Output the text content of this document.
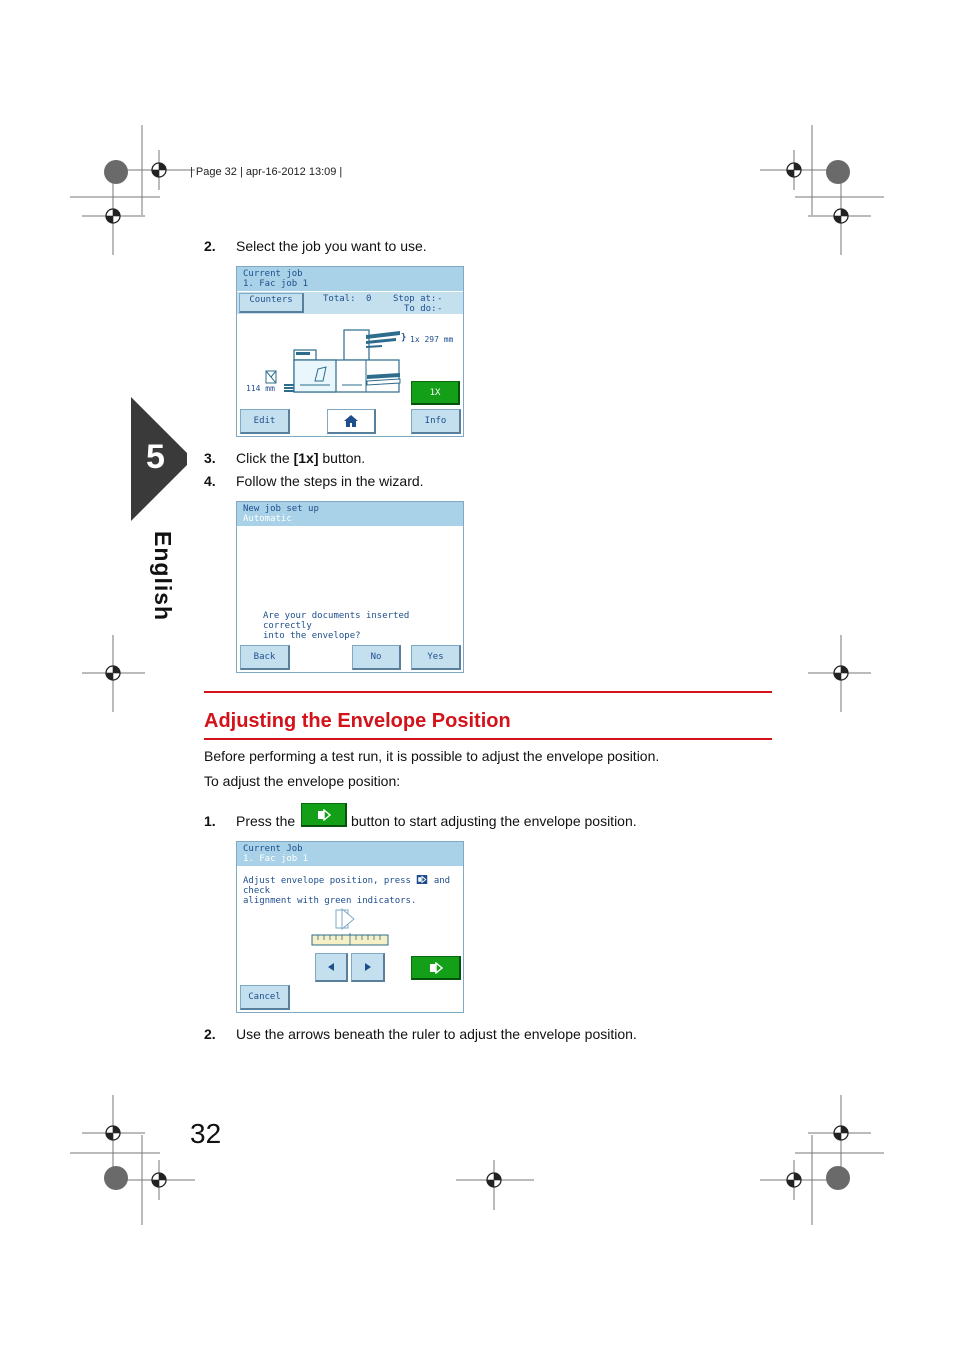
| Page 32 | apr-16-2012 13:09 |
5
English
2. Select the job you want to use.
Current job
1. Fac job 1
Counters	Total: 0 Stop at: -
To do: -
114 mm
} 1x 297 mm
1X
Edit	Info
3. Click the [1x] button.
4. Follow the steps in the wizard.
New job set up
Automatic
Are your documents inserted correctly
into the envelope?
Back	No	Yes
Adjusting the Envelope Position
Before performing a test run, it is possible to adjust the envelope position.
To adjust the envelope position:
1. Press the	button to start adjusting the envelope position.
Current Job
1. Fac job 1
Adjust envelope position, press	and check
alignment with green indicators.
Cancel
2. Use the arrows beneath the ruler to adjust the envelope position.
32
